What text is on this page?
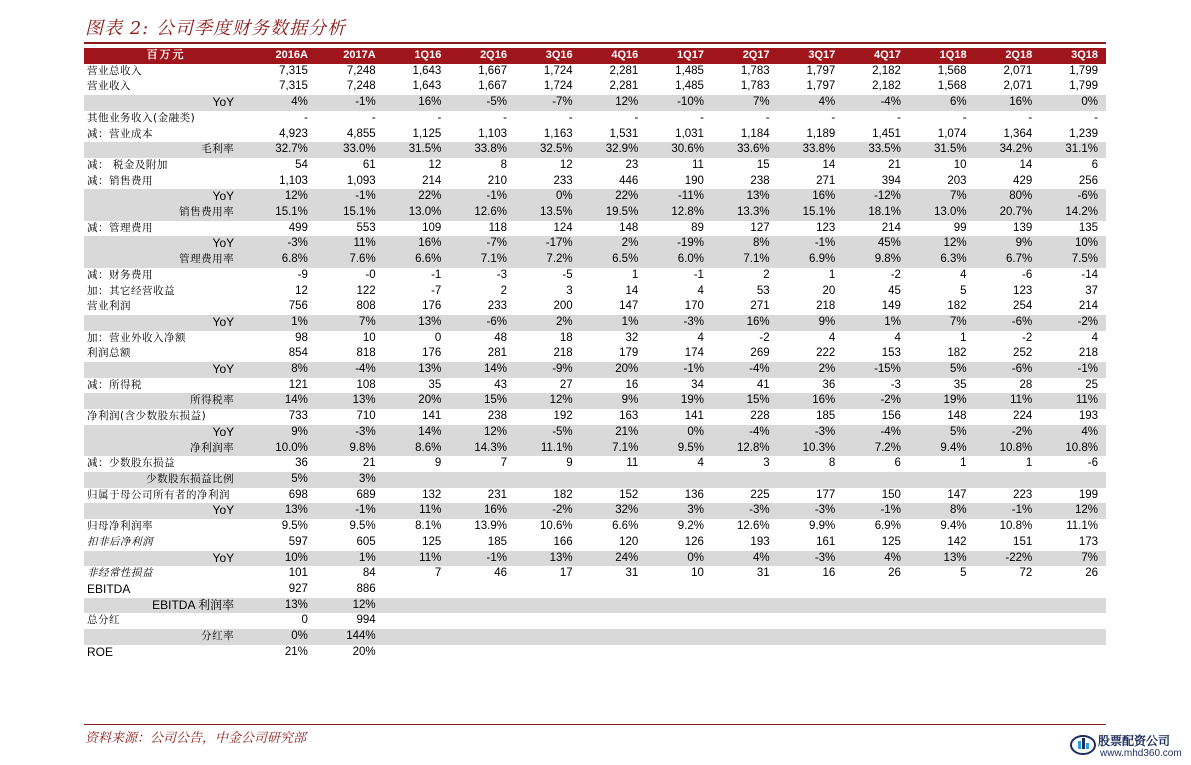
图表 2: 公司季度财务数据分析
百万元	2016A	2017A	1Q16	2Q16	3Q16	4Q16	1Q17	2Q17	3Q17	4Q17	1Q18	2Q18	3Q18
营业总收入	7,315	7,248	1,643	1,667	1,724	2,281	1,485	1,783	1,797	2,182	1,568	2,071	1,799
营业收入	7,315	7,248	1,643	1,667	1,724	2,281	1,485	1,783	1,797	2,182	1,568	2,071	1,799
YoY	4%	-1%	16%	-5%	-7%	12%	-10%	7%	4%	-4%	6%	16%	0%
其他业务收入(金融类)	-	-	-	-	-	-	-	-	-	-	-	-	-
减：营业成本	4,923	4,855	1,125	1,103	1,163	1,531	1,031	1,184	1,189	1,451	1,074	1,364	1,239
毛利率	32.7%	33.0%	31.5%	33.8%	32.5%	32.9%	30.6%	33.6%	33.8%	33.5%	31.5%	34.2%	31.1%
减： 税金及附加	54	61	12	8	12	23	11	15	14	21	10	14	6
减：销售费用	1,103	1,093	214	210	233	446	190	238	271	394	203	429	256
YoY	12%	-1%	22%	-1%	0%	22%	-11%	13%	16%	-12%	7%	80%	-6%
销售费用率	15.1%	15.1%	13.0%	12.6%	13.5%	19.5%	12.8%	13.3%	15.1%	18.1%	13.0%	20.7%	14.2%
减：管理费用	499	553	109	118	124	148	89	127	123	214	99	139	135
YoY	-3%	11%	16%	-7%	-17%	2%	-19%	8%	-1%	45%	12%	9%	10%
管理费用率	6.8%	7.6%	6.6%	7.1%	7.2%	6.5%	6.0%	7.1%	6.9%	9.8%	6.3%	6.7%	7.5%
减：财务费用	-9	-0	-1	-3	-5	1	-1	2	1	-2	4	-6	-14
加：其它经营收益	12	122	-7	2	3	14	4	53	20	45	5	123	37
营业利润	756	808	176	233	200	147	170	271	218	149	182	254	214
YoY	1%	7%	13%	-6%	2%	1%	-3%	16%	9%	1%	7%	-6%	-2%
加：营业外收入净额	98	10	0	48	18	32	4	-2	4	4	1	-2	4
利润总额	854	818	176	281	218	179	174	269	222	153	182	252	218
YoY	8%	-4%	13%	14%	-9%	20%	-1%	-4%	2%	-15%	5%	-6%	-1%
减：所得税	121	108	35	43	27	16	34	41	36	-3	35	28	25
所得税率	14%	13%	20%	15%	12%	9%	19%	15%	16%	-2%	19%	11%	11%
净利润(含少数股东损益)	733	710	141	238	192	163	141	228	185	156	148	224	193
YoY	9%	-3%	14%	12%	-5%	21%	0%	-4%	-3%	-4%	5%	-2%	4%
净利润率	10.0%	9.8%	8.6%	14.3%	11.1%	7.1%	9.5%	12.8%	10.3%	7.2%	9.4%	10.8%	10.8%
减：少数股东损益	36	21	9	7	9	11	4	3	8	6	1	1	-6
少数股东损益比例	5%	3%											
归属于母公司所有者的净利润	698	689	132	231	182	152	136	225	177	150	147	223	199
YoY	13%	-1%	11%	16%	-2%	32%	3%	-3%	-3%	-1%	8%	-1%	12%
归母净利润率	9.5%	9.5%	8.1%	13.9%	10.6%	6.6%	9.2%	12.6%	9.9%	6.9%	9.4%	10.8%	11.1%
扣非后净利润	597	605	125	185	166	120	126	193	161	125	142	151	173
YoY	10%	1%	11%	-1%	13%	24%	0%	4%	-3%	4%	13%	-22%	7%
非经常性损益	101	84	7	46	17	31	10	31	16	26	5	72	26
EBITDA	927	886											
EBITDA 利润率	13%	12%											
总分红	0	994											
分红率	0%	144%											
ROE	21%	20%											
资料来源：公司公告，中金公司研究部	股票配资公司
www.mhd360.com
